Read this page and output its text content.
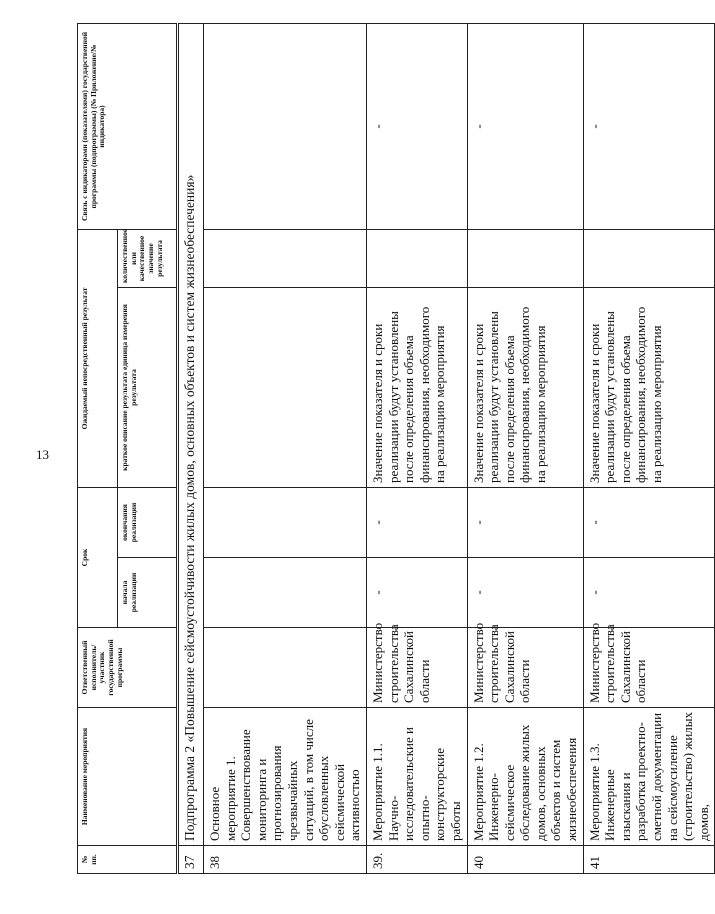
13
№ пп.	Наименование мероприятия	Ответственный исполнитель/участник государственной программы	Срок		Ожидаемый непосредственный результат		Связь с индикаторами (показателями) государственной программы (подпрограммы) (№ Приложение/№ индикатора)
			начала реализации	окончания реализации	краткое описание результата единица измерения результата	количественное или качественное значение результата	
37	Подпрограмма 2 «Повышение сейсмоустойчивости жилых домов, основных объектов и систем жизнеобеспечения»						
38	Основное мероприятие 1. Совершенствование мониторинга и прогнозирования чрезвычайных ситуаций, в том числе обусловленных сейсмической активностью						
39.	Мероприятие 1.1. Научно-исследовательские и опытно-конструкторские работы	Министерство строительства Сахалинской области	-	-	Значение показателя и сроки реализации будут установлены после определения объема финансирования, необходимого на реализацию мероприятия		-
40	Мероприятие 1.2. Инженерно-сейсмическое обследование жилых домов, основных объектов и систем жизнеобеспечения	Министерство строительства Сахалинской области	-	-	Значение показателя и сроки реализации будут установлены после определения объема финансирования, необходимого на реализацию мероприятия		-
41	Мероприятие 1.3. Инженерные изыскания и разработка проектно-сметной документации на сейсмоусиление (строительство) жилых домов,	Министерство строительства Сахалинской области	-	-	Значение показателя и сроки реализации будут установлены после определения объема финансирования, необходимого на реализацию мероприятия		-
